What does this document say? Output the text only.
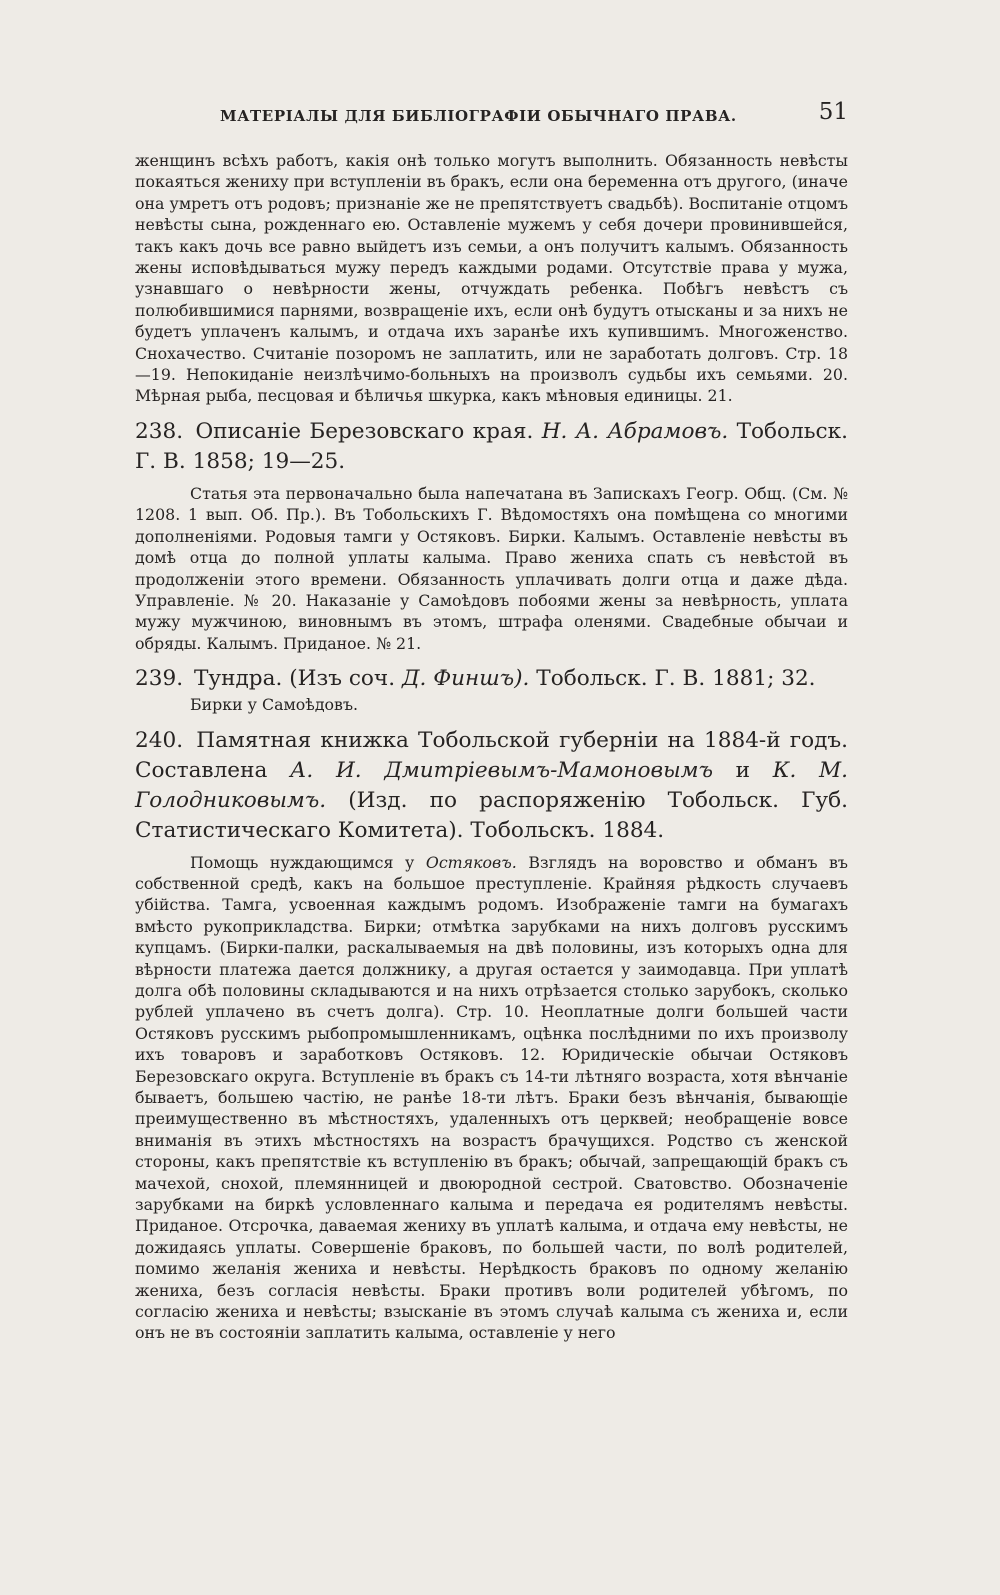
МАТЕРІАЛЫ ДЛЯ БИБЛІОГРАФІИ ОБЫЧНАГО ПРАВА.	51

женщинъ всѣхъ работъ, какія онѣ только могутъ выполнить. Обязанность невѣсты покаяться жениху при вступленіи въ бракъ, если она беременна отъ другого, (иначе она умретъ отъ родовъ; признаніе же не препятствуетъ свадьбѣ). Воспитаніе отцомъ невѣсты сына, рожденнаго ею. Оставленіе мужемъ у себя дочери провинившейся, такъ какъ дочь все равно выйдетъ изъ семьи, а онъ получитъ калымъ. Обязанность жены исповѣдываться мужу передъ каждыми родами. Отсутствіе права у мужа, узнавшаго о невѣрности жены, отчуждать ребенка. Побѣгъ невѣстъ съ полюбившимися парнями, возвращеніе ихъ, если онѣ будутъ отысканы и за нихъ не будетъ уплаченъ калымъ, и отдача ихъ заранѣе ихъ купившимъ. Многоженство. Снохачество. Считаніе позоромъ не заплатить, или не заработать долговъ. Стр. 18—19. Непокиданіе неизлѣчимо-больныхъ на произволъ судьбы ихъ семьями. 20. Мѣрная рыба, песцовая и бѣличья шкурка, какъ мѣновыя единицы. 21.

238. Описаніе Березовскаго края. Н. А. Абрамовъ. Тобольск. Г. В. 1858; 19—25.

Статья эта первоначально была напечатана въ Запискахъ Геогр. Общ. (См. № 1208. 1 вып. Об. Пр.). Въ Тобольскихъ Г. Вѣдомостяхъ она помѣщена со многими дополненіями. Родовыя тамги у Остяковъ. Бирки. Калымъ. Оставленіе невѣсты въ домѣ отца до полной уплаты калыма. Право жениха спать съ невѣстой въ продолженіи этого времени. Обязанность уплачивать долги отца и даже дѣда. Управленіе. № 20. Наказаніе у Самоѣдовъ побоями жены за невѣрность, уплата мужу мужчиною, виновнымъ въ этомъ, штрафа оленями. Свадебные обычаи и обряды. Калымъ. Приданое. № 21.

239. Тундра. (Изъ соч. Д. Финшъ). Тобольск. Г. В. 1881; 32.

Бирки у Самоѣдовъ.

240. Памятная книжка Тобольской губерніи на 1884-й годъ. Составлена А. И. Дмитріевымъ-Мамоновымъ и К. М. Голодниковымъ. (Изд. по распоряженію Тобольск. Губ. Статистическаго Комитета). Тобольскъ. 1884.

Помощь нуждающимся у Остяковъ. Взглядъ на воровство и обманъ въ собственной средѣ, какъ на большое преступленіе. Крайняя рѣдкость случаевъ убійства. Тамга, усвоенная каждымъ родомъ. Изображеніе тамги на бумагахъ вмѣсто рукоприкладства. Бирки; отмѣтка зарубками на нихъ долговъ русскимъ купцамъ. (Бирки-палки, раскалываемыя на двѣ половины, изъ которыхъ одна для вѣрности платежа дается должнику, а другая остается у заимодавца. При уплатѣ долга обѣ половины складываются и на нихъ отрѣзается столько зарубокъ, сколько рублей уплачено въ счетъ долга). Стр. 10. Неоплатные долги большей части Остяковъ русскимъ рыбопромышленникамъ, оцѣнка послѣдними по ихъ произволу ихъ товаровъ и заработковъ Остяковъ. 12. Юридическіе обычаи Остяковъ Березовскаго округа. Вступленіе въ бракъ съ 14-ти лѣтняго возраста, хотя вѣнчаніе бываетъ, большею частію, не ранѣе 18-ти лѣтъ. Браки безъ вѣнчанія, бывающіе преимущественно въ мѣстностяхъ, удаленныхъ отъ церквей; необращеніе вовсе вниманія въ этихъ мѣстностяхъ на возрастъ брачущихся. Родство съ женской стороны, какъ препятствіе къ вступленію въ бракъ; обычай, запрещающій бракъ съ мачехой, снохой, племянницей и двоюродной сестрой. Сватовство. Обозначеніе зарубками на биркѣ условленнаго калыма и передача ея родителямъ невѣсты. Приданое. Отсрочка, даваемая жениху въ уплатѣ калыма, и отдача ему невѣсты, не дожидаясь уплаты. Совершеніе браковъ, по большей части, по волѣ родителей, помимо желанія жениха и невѣсты. Нерѣдкость браковъ по одному желанію жениха, безъ согласія невѣсты. Браки противъ воли родителей убѣгомъ, по согласію жениха и невѣсты; взысканіе въ этомъ случаѣ калыма съ жениха и, если онъ не въ состояніи заплатить калыма, оставленіе у него
